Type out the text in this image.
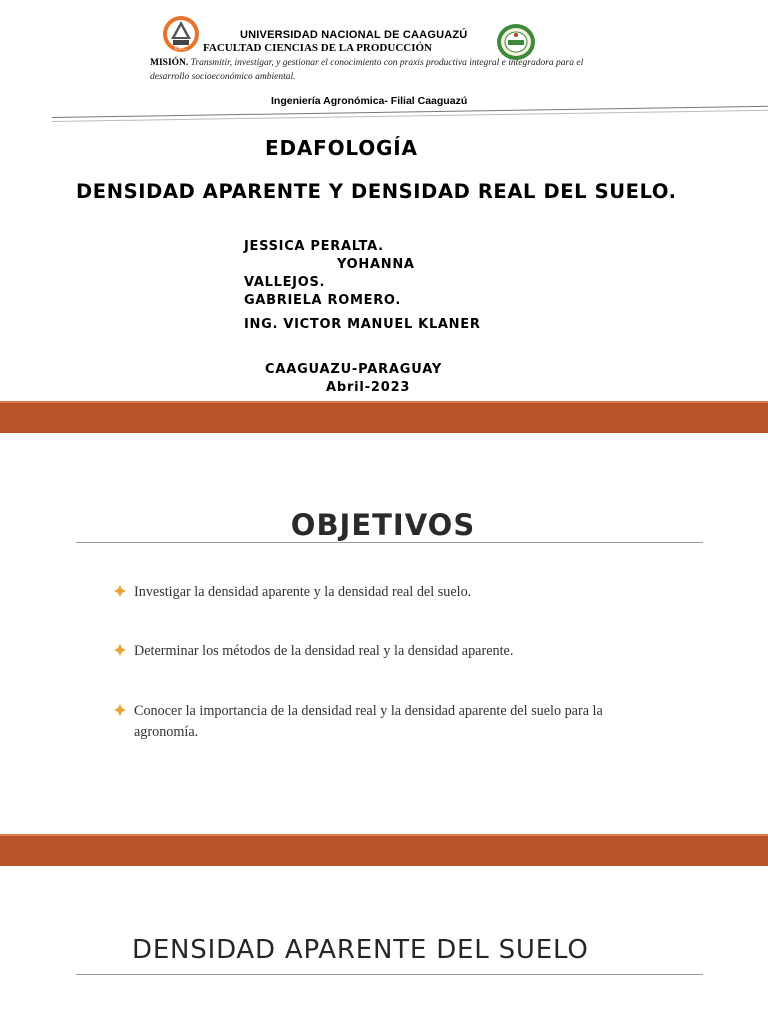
U.N.C.
UNIVERSIDAD NACIONAL DE CAAGUAZÚ
FACULTAD CIENCIAS DE LA PRODUCCIÓN
MISIÓN. Transmitir, investigar, y gestionar el conocimiento con praxis productiva integral e integradora para el desarrollo socioeconómico ambiental.
Ingeniería Agronómica- Filial Caaguazú
EDAFOLOGÍA
DENSIDAD APARENTE Y DENSIDAD REAL DEL SUELO.
JESSICA PERALTA.
YOHANNA
VALLEJOS.
GABRIELA ROMERO.
ING. VICTOR MANUEL KLANER
CAAGUAZU-PARAGUAY
Abril-2023
OBJETIVOS
Investigar la densidad aparente y la densidad real del suelo.
Determinar los métodos de la densidad real y la densidad aparente.
Conocer la importancia de la densidad real y la densidad aparente del suelo para la agronomía.
DENSIDAD APARENTE DEL SUELO
